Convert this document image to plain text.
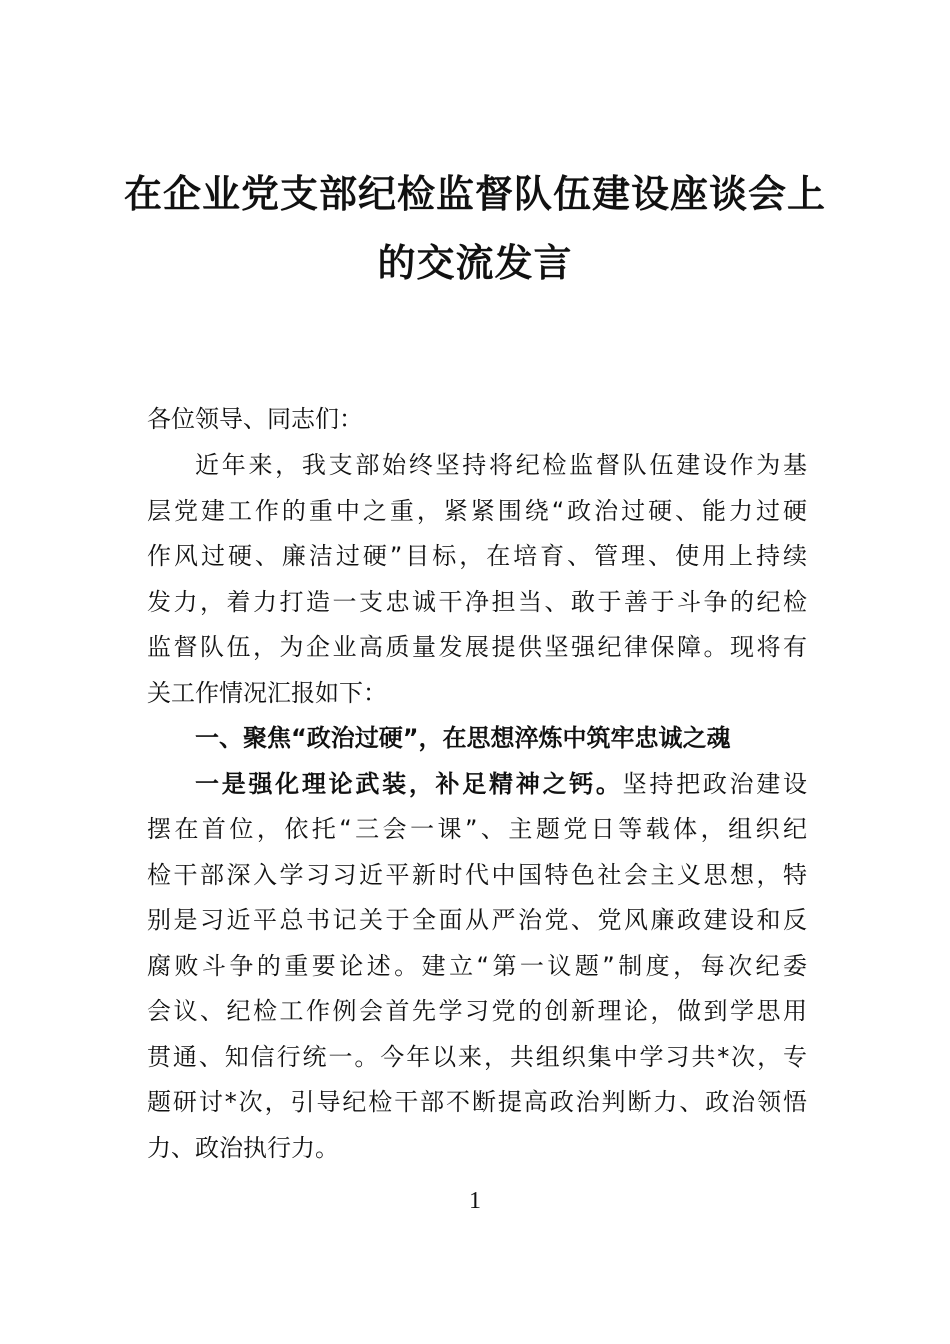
在企业党支部纪检监督队伍建设座谈会上
的交流发言

各位领导、同志们：

近年来，我支部始终坚持将纪检监督队伍建设作为基
层党建工作的重中之重，紧紧围绕“政治过硬、能力过硬
作风过硬、廉洁过硬”目标，在培育、管理、使用上持续
发力，着力打造一支忠诚干净担当、敢于善于斗争的纪检
监督队伍，为企业高质量发展提供坚强纪律保障。现将有
关工作情况汇报如下：
一、聚焦“政治过硬”，在思想淬炼中筑牢忠诚之魂
一是强化理论武装，补足精神之钙。坚持把政治建设
摆在首位，依托“三会一课”、主题党日等载体，组织纪
检干部深入学习习近平新时代中国特色社会主义思想，特
别是习近平总书记关于全面从严治党、党风廉政建设和反
腐败斗争的重要论述。建立“第一议题”制度，每次纪委
会议、纪检工作例会首先学习党的创新理论，做到学思用
贯通、知信行统一。今年以来，共组织集中学习共*次，专
题研讨*次，引导纪检干部不断提高政治判断力、政治领悟
力、政治执行力。
1
